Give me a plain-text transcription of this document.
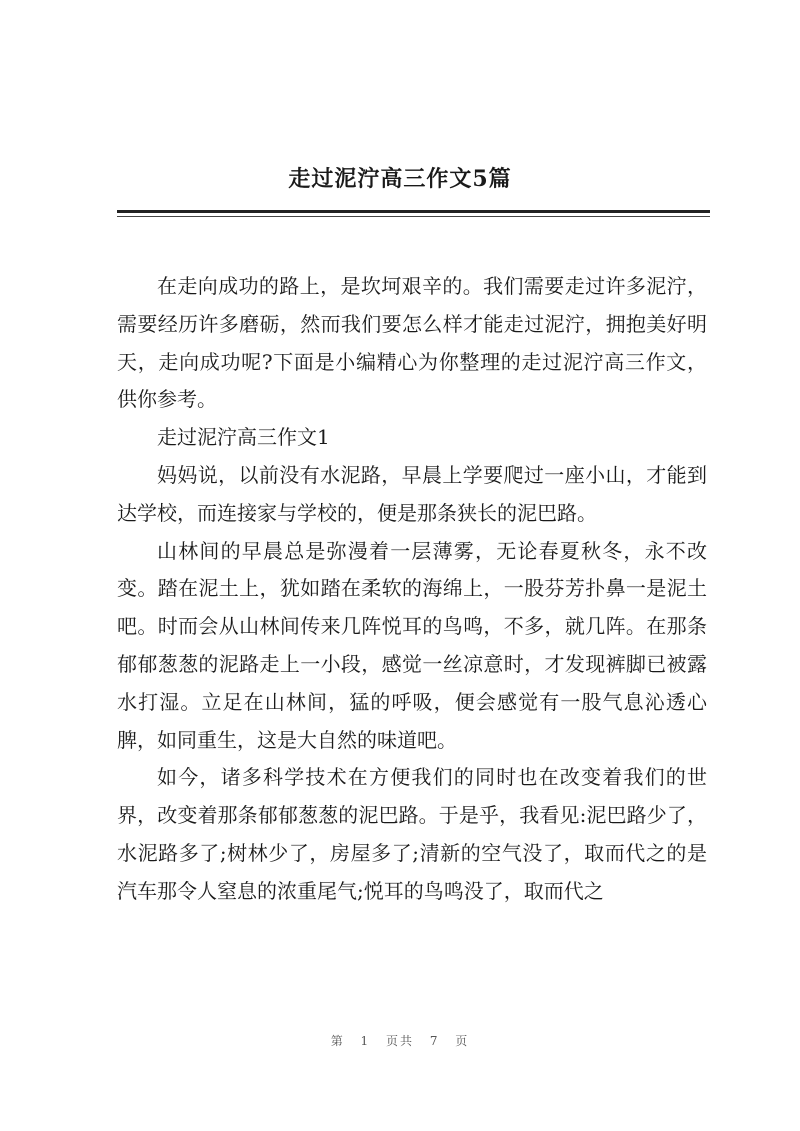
走过泥泞高三作文5篇

在走向成功的路上，是坎坷艰辛的。我们需要走过许多泥泞，需要经历许多磨砺，然而我们要怎么样才能走过泥泞，拥抱美好明天，走向成功呢?下面是小编精心为你整理的走过泥泞高三作文，供你参考。

走过泥泞高三作文1

妈妈说，以前没有水泥路，早晨上学要爬过一座小山，才能到达学校，而连接家与学校的，便是那条狭长的泥巴路。

山林间的早晨总是弥漫着一层薄雾，无论春夏秋冬，永不改变。踏在泥土上，犹如踏在柔软的海绵上，一股芬芳扑鼻一是泥土吧。时而会从山林间传来几阵悦耳的鸟鸣，不多，就几阵。在那条郁郁葱葱的泥路走上一小段，感觉一丝凉意时，才发现裤脚已被露水打湿。立足在山林间，猛的呼吸，便会感觉有一股气息沁透心脾，如同重生，这是大自然的味道吧。

如今，诸多科学技术在方便我们的同时也在改变着我们的世界，改变着那条郁郁葱葱的泥巴路。于是乎，我看见:泥巴路少了，水泥路多了;树林少了，房屋多了;清新的空气没了，取而代之的是汽车那令人窒息的浓重尾气;悦耳的鸟鸣没了，取而代之

第 1 页共 7 页
